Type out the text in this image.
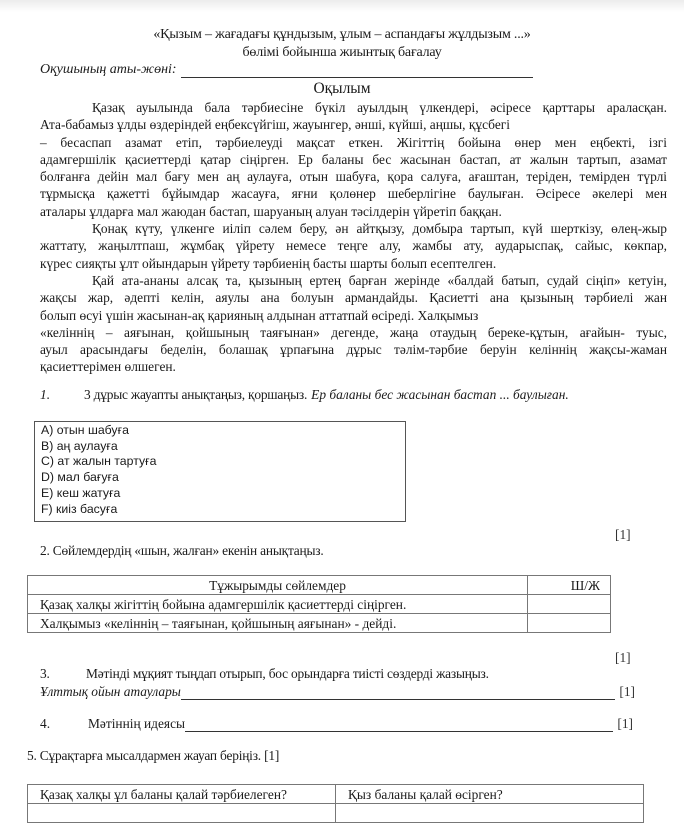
«Қызым – жағадағы құндызым, ұлым – аспандағы жұлдызым ...»
бөлімі бойынша жиынтық бағалау
Оқушының аты-жөні:
Оқылым
Қазақ ауылында бала тәрбиесіне бүкіл ауылдың үлкендері, әсіресе қарттары араласқан.
Ата-бабамыз ұлды өздеріндей еңбексүйгіш, жауынгер, әнші, күйші, аңшы, құсбегі
– бесаспап азамат етіп, тәрбиелеуді мақсат еткен. Жігіттің бойына өнер мен еңбекті, ізгі
адамгершілік қасиеттерді қатар сіңірген. Ер баланы бес жасынан бастап, ат жалын тартып, азамат
болғанға дейін мал бағу мен аң аулауға, отын шабуға, қора салуға, ағаштан, теріден, темірден түрлі
тұрмысқа қажетті бұйымдар жасауға, яғни қолөнер шеберлігіне баулыған. Әсіресе әкелері мен
аталары ұлдарға мал жаюдан бастап, шаруаның алуан тәсілдерін үйретіп баққан.
Қонақ күту, үлкенге иіліп сәлем беру, ән айтқызу, домбыра тартып, күй шерткізу, өлең-жыр
жаттату, жаңылтпаш, жұмбақ үйрету немесе теңге алу, жамбы ату, аударыспақ, сайыс, көкпар,
күрес сияқты ұлт ойындарын үйрету тәрбиенің басты шарты болып есептелген.
Қай ата-ананы алсақ та, қызының ертең барған жерінде «балдай батып, судай сіңіп» кетуін,
жақсы жар, әдепті келін, аяулы ана болуын армандайды. Қасиетті ана қызының тәрбиелі жан
болып өсуі үшін жасынан-ақ қарияның алдынан аттатпай өсіреді. Халқымыз
«келіннің – аяғынан, қойшының таяғынан» дегенде, жаңа отаудың береке-құтын, ағайын- туыс,
ауыл арасындағы беделін, болашақ ұрпағына дұрыс тәлім-тәрбие беруін келіннің жақсы-жаман
қасиеттерімен өлшеген.
1.	3 дұрыс жауапты анықтаңыз, қоршаңыз. Ер баланы бес жасынан бастап ... баулыған.
A) отын шабуға
B) аң аулауға
C) ат жалын тартуға
D) мал бағуға
E) кеш жатуға
F) киіз басуға
[1]
2. Сөйлемдердің «шын, жалған» екенін анықтаңыз.
Тұжырымды сөйлемдер	Ш/Ж
Қазақ халқы жігіттің бойына адамгершілік қасиеттерді сіңірген.	
Халқымыз «келіннің – таяғынан, қойшының аяғынан» - дейді.	
[1]
3.	Мәтінді мұқият тыңдап отырып, бос орындарға тиісті сөздерді жазыңыз.
Ұлттық ойын атаулары	[1]
4.	Мәтіннің идеясы	[1]
5. Сұрақтарға мысалдармен жауап беріңіз. [1]
Қазақ халқы ұл баланы қалай тәрбиелеген?	Қыз баланы қалай өсірген?
